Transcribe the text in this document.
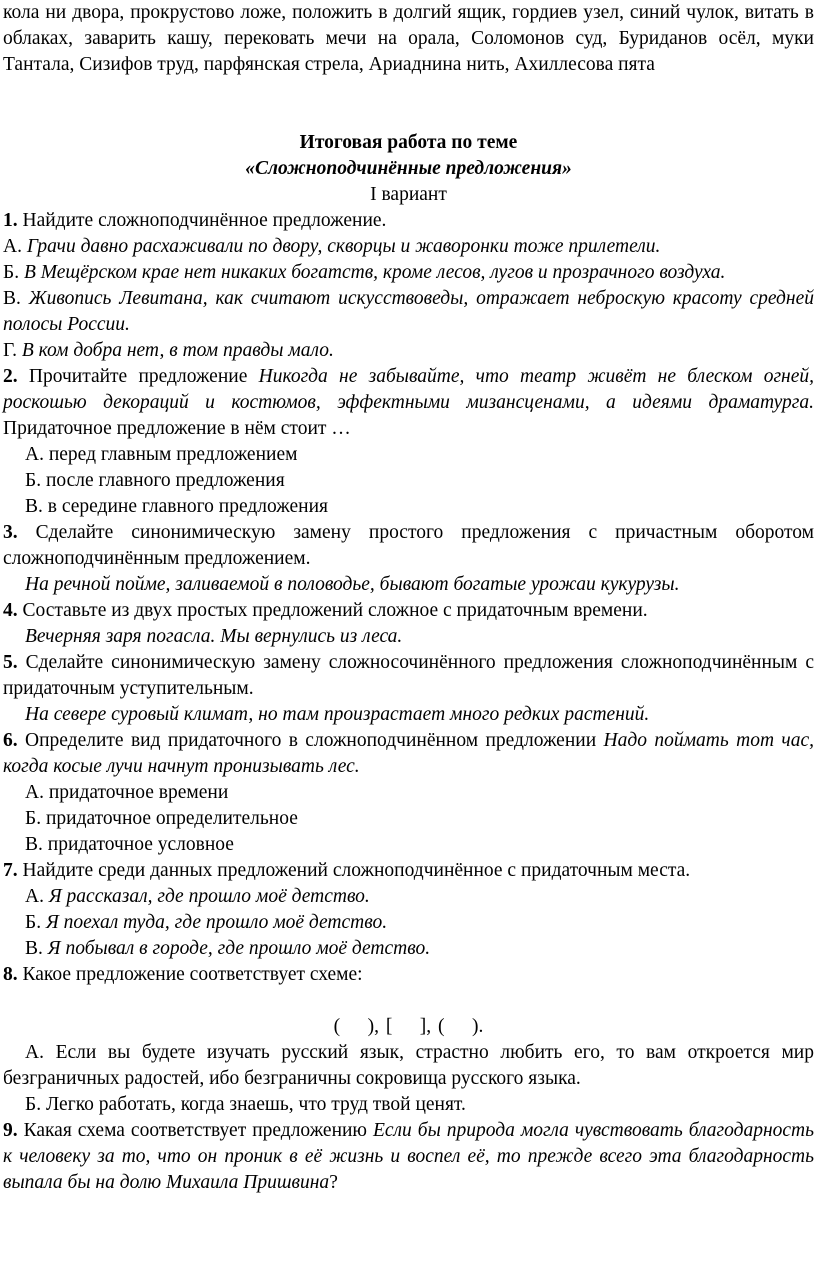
кола ни двора, прокрустово ложе, положить в долгий ящик, гордиев узел, синий чулок, витать в облаках, заварить кашу, перековать мечи на орала, Соломонов суд, Буриданов осёл, муки Тантала, Сизифов труд, парфянская стрела, Ариаднина нить, Ахиллесова пята

Итоговая работа по теме

«Сложноподчинённые предложения»

I вариант

1. Найдите сложноподчинённое предложение.

А. Грачи давно расхаживали по двору, скворцы и жаворонки тоже прилетели.

Б. В Мещёрском крае нет никаких богатств, кроме лесов, лугов и прозрачного воздуха.

В. Живопись Левитана, как считают искусствоведы, отражает неброскую красоту средней полосы России.

Г. В ком добра нет, в том правды мало.

2. Прочитайте предложение Никогда не забывайте, что театр живёт не блеском огней, роскошью декораций и костюмов, эффектными мизансценами, а идеями драматурга. Придаточное предложение в нём стоит …

А. перед главным предложением

Б. после главного предложения

В. в середине главного предложения

3. Сделайте синонимическую замену простого предложения с причастным оборотом сложноподчинённым предложением.

На речной пойме, заливаемой в половодье, бывают богатые урожаи кукурузы.

4. Составьте из двух простых предложений сложное с придаточным времени.

Вечерняя заря погасла. Мы вернулись из леса.

5. Сделайте синонимическую замену сложносочинённого предложения сложноподчинённым с придаточным уступительным.

На севере суровый климат, но там произрастает много редких растений.

6. Определите вид придаточного в сложноподчинённом предложении Надо поймать тот час, когда косые лучи начнут пронизывать лес.

А. придаточное времени

Б. придаточное определительное

В. придаточное условное

7. Найдите среди данных предложений сложноподчинённое с придаточным места.

А. Я рассказал, где прошло моё детство.

Б. Я поехал туда, где прошло моё детство.

В. Я побывал в городе, где прошло моё детство.

8. Какое предложение соответствует схеме:

(    ), [    ], (    ).

А. Если вы будете изучать русский язык, страстно любить его, то вам откроется мир безграничных радостей, ибо безграничны сокровища русского языка.

Б. Легко работать, когда знаешь, что труд твой ценят.

9. Какая схема соответствует предложению Если бы природа могла чувствовать благодарность к человеку за то, что он проник в её жизнь и воспел её, то прежде всего эта благодарность выпала бы на долю Михаила Пришвина?
